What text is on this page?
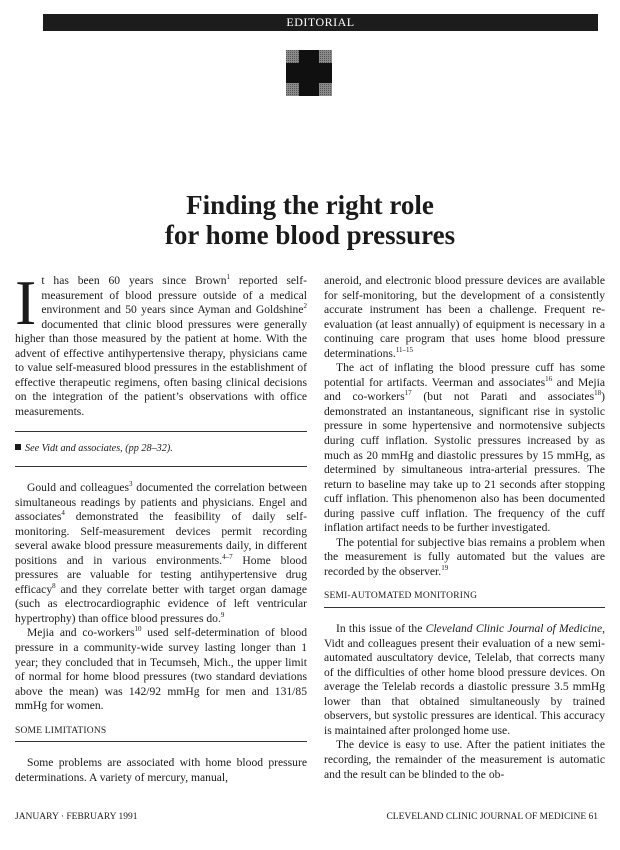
EDITORIAL
Finding the right role
for home blood pressures

It has been 60 years since Brown$^1$ reported self-measurement of blood pressure outside of a medical environment and 50 years since Ayman and Goldshine$^2$ documented that clinic blood pressures were generally higher than those measured by the patient at home. With the advent of effective antihypertensive therapy, physicians came to value self-measured blood pressures in the establishment of effective therapeutic regimens, often basing clinical decisions on the integration of the patient’s observations with office measurements.

See Vidt and associates, (pp 28–32).

Gould and colleagues$^3$ documented the correlation between simultaneous readings by patients and physicians. Engel and associates$^4$ demonstrated the feasibility of daily self-monitoring. Self-measurement devices permit recording several awake blood pressure measurements daily, in different positions and in various environments.$^{4-7}$ Home blood pressures are valuable for testing antihypertensive drug efficacy$^8$ and they correlate better with target organ damage (such as electrocardiographic evidence of left ventricular hypertrophy) than office blood pressures do.$^9$

Mejia and co-workers$^{10}$ used self-determination of blood pressure in a community-wide survey lasting longer than 1 year; they concluded that in Tecumseh, Mich., the upper limit of normal for home blood pressures (two standard deviations above the mean) was 142/92 mmHg for men and 131/85 mmHg for women.

SOME LIMITATIONS

Some problems are associated with home blood pressure determinations. A variety of mercury, manual,

aneroid, and electronic blood pressure devices are available for self-monitoring, but the development of a consistently accurate instrument has been a challenge. Frequent re-evaluation (at least annually) of equipment is necessary in a continuing care program that uses home blood pressure determinations.$^{11-15}$

The act of inflating the blood pressure cuff has some potential for artifacts. Veerman and associates$^{16}$ and Mejia and co-workers$^{17}$ (but not Parati and associates$^{18}$) demonstrated an instantaneous, significant rise in systolic pressure in some hypertensive and normotensive subjects during cuff inflation. Systolic pressures increased by as much as 20 mmHg and diastolic pressures by 15 mmHg, as determined by simultaneous intra-arterial pressures. The return to baseline may take up to 21 seconds after stopping cuff inflation. This phenomenon also has been documented during passive cuff inflation. The frequency of the cuff inflation artifact needs to be further investigated.

The potential for subjective bias remains a problem when the measurement is fully automated but the values are recorded by the observer.$^{19}$

SEMI-AUTOMATED MONITORING

In this issue of the Cleveland Clinic Journal of Medicine, Vidt and colleagues present their evaluation of a new semi-automated auscultatory device, Telelab, that corrects many of the difficulties of other home blood pressure devices. On average the Telelab records a diastolic pressure 3.5 mmHg lower than that obtained simultaneously by trained observers, but systolic pressures are identical. This accuracy is maintained after prolonged home use.

The device is easy to use. After the patient initiates the recording, the remainder of the measurement is automatic and the result can be blinded to the ob-

JANUARY · FEBRUARY 1991	CLEVELAND CLINIC JOURNAL OF MEDICINE 61
